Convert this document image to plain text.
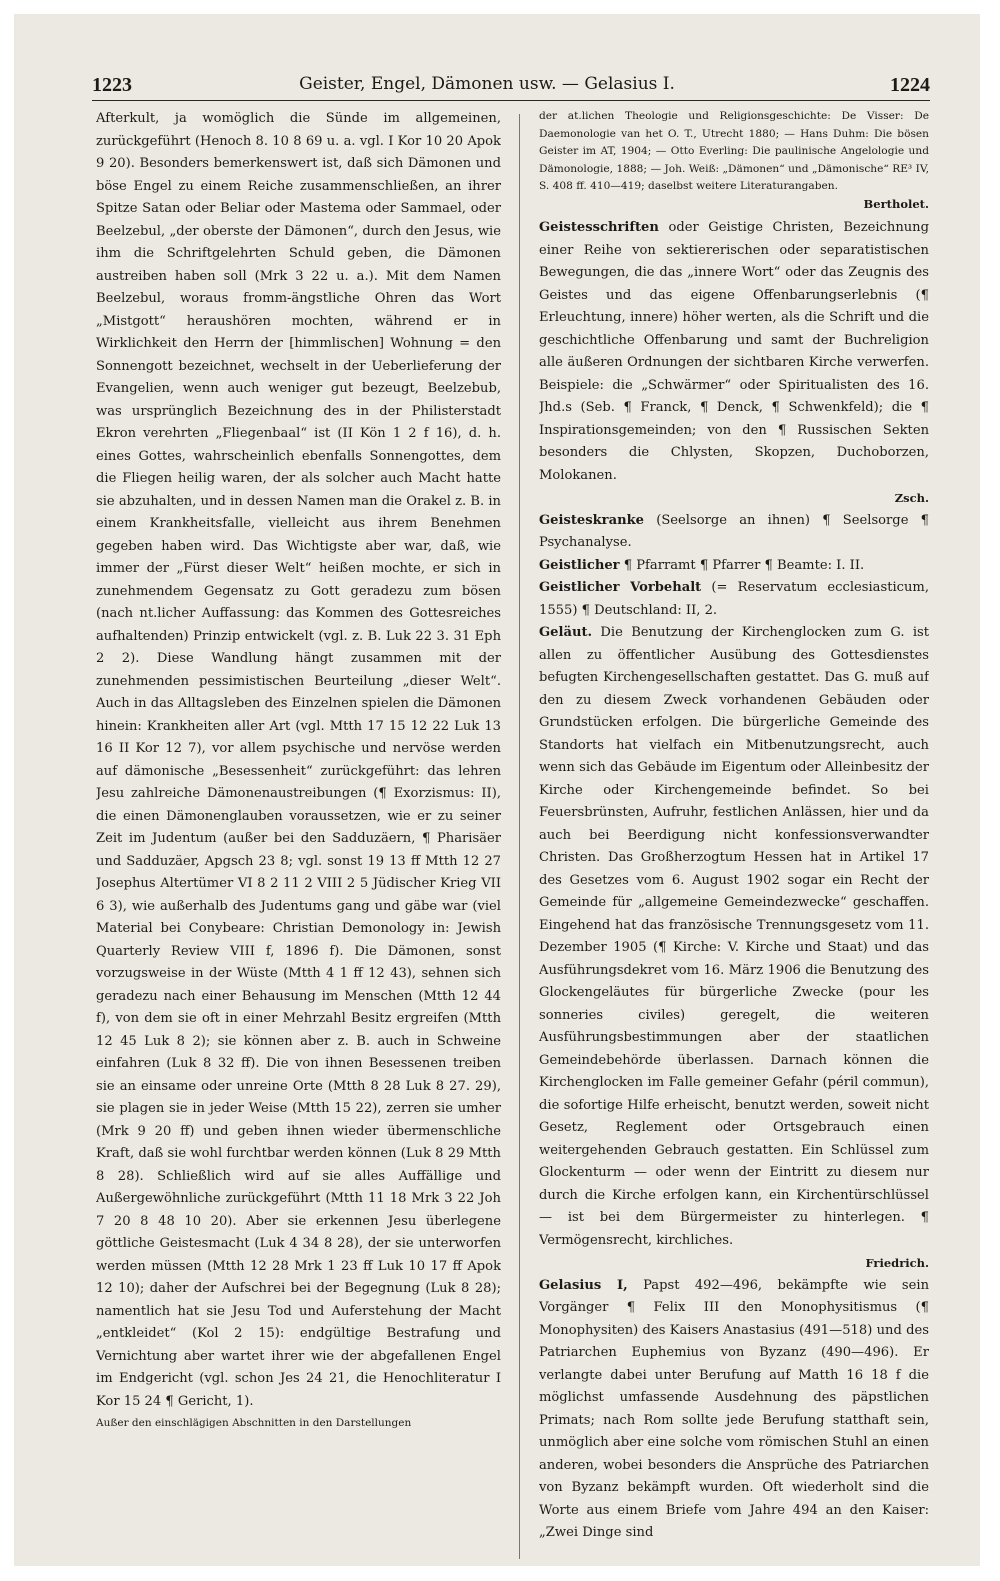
1223	Geister, Engel, Dämonen usw. — Gelasius I.	1224

Afterkult, ja womöglich die Sünde im allgemeinen, zurückgeführt (Henoch 8. 10 8 69 u. a. vgl. I Kor 10 20 Apok 9 20). Besonders bemerkenswert ist, daß sich Dämonen und böse Engel zu einem Reiche zusammenschließen, an ihrer Spitze Satan oder Beliar oder Mastema oder Sammael, oder Beelzebul, „der oberste der Dämonen“, durch den Jesus, wie ihm die Schriftgelehrten Schuld geben, die Dämonen austreiben haben soll (Mrk 3 22 u. a.). Mit dem Namen Beelzebul, woraus fromm-ängstliche Ohren das Wort „Mistgott“ heraushören mochten, während er in Wirklichkeit den Herrn der [himmlischen] Wohnung = den Sonnengott bezeichnet, wechselt in der Ueberlieferung der Evangelien, wenn auch weniger gut bezeugt, Beelzebub, was ursprünglich Bezeichnung des in der Philisterstadt Ekron verehrten „Fliegenbaal“ ist (II Kön 1 2 f 16), d. h. eines Gottes, wahrscheinlich ebenfalls Sonnengottes, dem die Fliegen heilig waren, der als solcher auch Macht hatte sie abzuhalten, und in dessen Namen man die Orakel z. B. in einem Krankheitsfalle, vielleicht aus ihrem Benehmen gegeben haben wird. Das Wichtigste aber war, daß, wie immer der „Fürst dieser Welt“ heißen mochte, er sich in zunehmendem Gegensatz zu Gott geradezu zum bösen (nach nt.licher Auffassung: das Kommen des Gottesreiches aufhaltenden) Prinzip entwickelt (vgl. z. B. Luk 22 3. 31 Eph 2 2). Diese Wandlung hängt zusammen mit der zunehmenden pessimistischen Beurteilung „dieser Welt“. Auch in das Alltagsleben des Einzelnen spielen die Dämonen hinein: Krankheiten aller Art (vgl. Mtth 17 15 12 22 Luk 13 16 II Kor 12 7), vor allem psychische und nervöse werden auf dämonische „Besessenheit“ zurückgeführt: das lehren Jesu zahlreiche Dämonenaustreibungen (¶ Exorzismus: II), die einen Dämonenglauben voraussetzen, wie er zu seiner Zeit im Judentum (außer bei den Sadduzäern, ¶ Pharisäer und Sadduzäer, Apgsch 23 8; vgl. sonst 19 13 ff Mtth 12 27 Josephus Altertümer VI 8 2 11 2 VIII 2 5 Jüdischer Krieg VII 6 3), wie außerhalb des Judentums gang und gäbe war (viel Material bei Conybeare: Christian Demonology in: Jewish Quarterly Review VIII f, 1896 f). Die Dämonen, sonst vorzugsweise in der Wüste (Mtth 4 1 ff 12 43), sehnen sich geradezu nach einer Behausung im Menschen (Mtth 12 44 f), von dem sie oft in einer Mehrzahl Besitz ergreifen (Mtth 12 45 Luk 8 2); sie können aber z. B. auch in Schweine einfahren (Luk 8 32 ff). Die von ihnen Besessenen treiben sie an einsame oder unreine Orte (Mtth 8 28 Luk 8 27. 29), sie plagen sie in jeder Weise (Mtth 15 22), zerren sie umher (Mrk 9 20 ff) und geben ihnen wieder übermenschliche Kraft, daß sie wohl furchtbar werden können (Luk 8 29 Mtth 8 28). Schließlich wird auf sie alles Auffällige und Außergewöhnliche zurückgeführt (Mtth 11 18 Mrk 3 22 Joh 7 20 8 48 10 20). Aber sie erkennen Jesu überlegene göttliche Geistesmacht (Luk 4 34 8 28), der sie unterworfen werden müssen (Mtth 12 28 Mrk 1 23 ff Luk 10 17 ff Apok 12 10); daher der Aufschrei bei der Begegnung (Luk 8 28); namentlich hat sie Jesu Tod und Auferstehung der Macht „entkleidet“ (Kol 2 15): endgültige Bestrafung und Vernichtung aber wartet ihrer wie der abgefallenen Engel im Endgericht (vgl. schon Jes 24 21, die Henochliteratur I Kor 15 24 ¶ Gericht, 1).

Außer den einschlägigen Abschnitten in den Darstellungen

der at.lichen Theologie und Religionsgeschichte: De Visser: De Daemonologie van het O. T., Utrecht 1880; — Hans Duhm: Die bösen Geister im AT, 1904; — Otto Everling: Die paulinische Angelologie und Dämonologie, 1888; — Joh. Weiß: „Dämonen“ und „Dämonische“ RE³ IV, S. 408 ff. 410—419; daselbst weitere Literaturangaben.
Bertholet.

Geistesschriften oder Geistige Christen, Bezeichnung einer Reihe von sektiererischen oder separatistischen Bewegungen, die das „innere Wort“ oder das Zeugnis des Geistes und das eigene Offenbarungserlebnis (¶ Erleuchtung, innere) höher werten, als die Schrift und die geschichtliche Offenbarung und samt der Buchreligion alle äußeren Ordnungen der sichtbaren Kirche verwerfen. Beispiele: die „Schwärmer“ oder Spiritualisten des 16. Jhd.s (Seb. ¶ Franck, ¶ Denck, ¶ Schwenkfeld); die ¶ Inspirationsgemeinden; von den ¶ Russischen Sekten besonders die Chlysten, Skopzen, Duchoborzen, Molokanen.
Zsch.

Geisteskranke (Seelsorge an ihnen) ¶ Seelsorge ¶ Psychanalyse.

Geistlicher ¶ Pfarramt ¶ Pfarrer ¶ Beamte: I. II.

Geistlicher Vorbehalt (= Reservatum ecclesiasticum, 1555) ¶ Deutschland: II, 2.

Geläut. Die Benutzung der Kirchenglocken zum G. ist allen zu öffentlicher Ausübung des Gottesdienstes befugten Kirchengesellschaften gestattet. Das G. muß auf den zu diesem Zweck vorhandenen Gebäuden oder Grundstücken erfolgen. Die bürgerliche Gemeinde des Standorts hat vielfach ein Mitbenutzungsrecht, auch wenn sich das Gebäude im Eigentum oder Alleinbesitz der Kirche oder Kirchengemeinde befindet. So bei Feuersbrünsten, Aufruhr, festlichen Anlässen, hier und da auch bei Beerdigung nicht konfessionsverwandter Christen. Das Großherzogtum Hessen hat in Artikel 17 des Gesetzes vom 6. August 1902 sogar ein Recht der Gemeinde für „allgemeine Gemeindezwecke“ geschaffen. Eingehend hat das französische Trennungsgesetz vom 11. Dezember 1905 (¶ Kirche: V. Kirche und Staat) und das Ausführungsdekret vom 16. März 1906 die Benutzung des Glockengeläutes für bürgerliche Zwecke (pour les sonneries civiles) geregelt, die weiteren Ausführungsbestimmungen aber der staatlichen Gemeindebehörde überlassen. Darnach können die Kirchenglocken im Falle gemeiner Gefahr (péril commun), die sofortige Hilfe erheischt, benutzt werden, soweit nicht Gesetz, Reglement oder Ortsgebrauch einen weitergehenden Gebrauch gestatten. Ein Schlüssel zum Glockenturm — oder wenn der Eintritt zu diesem nur durch die Kirche erfolgen kann, ein Kirchentürschlüssel — ist bei dem Bürgermeister zu hinterlegen. ¶ Vermögensrecht, kirchliches.
Friedrich.

Gelasius I, Papst 492—496, bekämpfte wie sein Vorgänger ¶ Felix III den Monophysitismus (¶ Monophysiten) des Kaisers Anastasius (491—518) und des Patriarchen Euphemius von Byzanz (490—496). Er verlangte dabei unter Berufung auf Matth 16 18 f die möglichst umfassende Ausdehnung des päpstlichen Primats; nach Rom sollte jede Berufung statthaft sein, unmöglich aber eine solche vom römischen Stuhl an einen anderen, wobei besonders die Ansprüche des Patriarchen von Byzanz bekämpft wurden. Oft wiederholt sind die Worte aus einem Briefe vom Jahre 494 an den Kaiser: „Zwei Dinge sind
